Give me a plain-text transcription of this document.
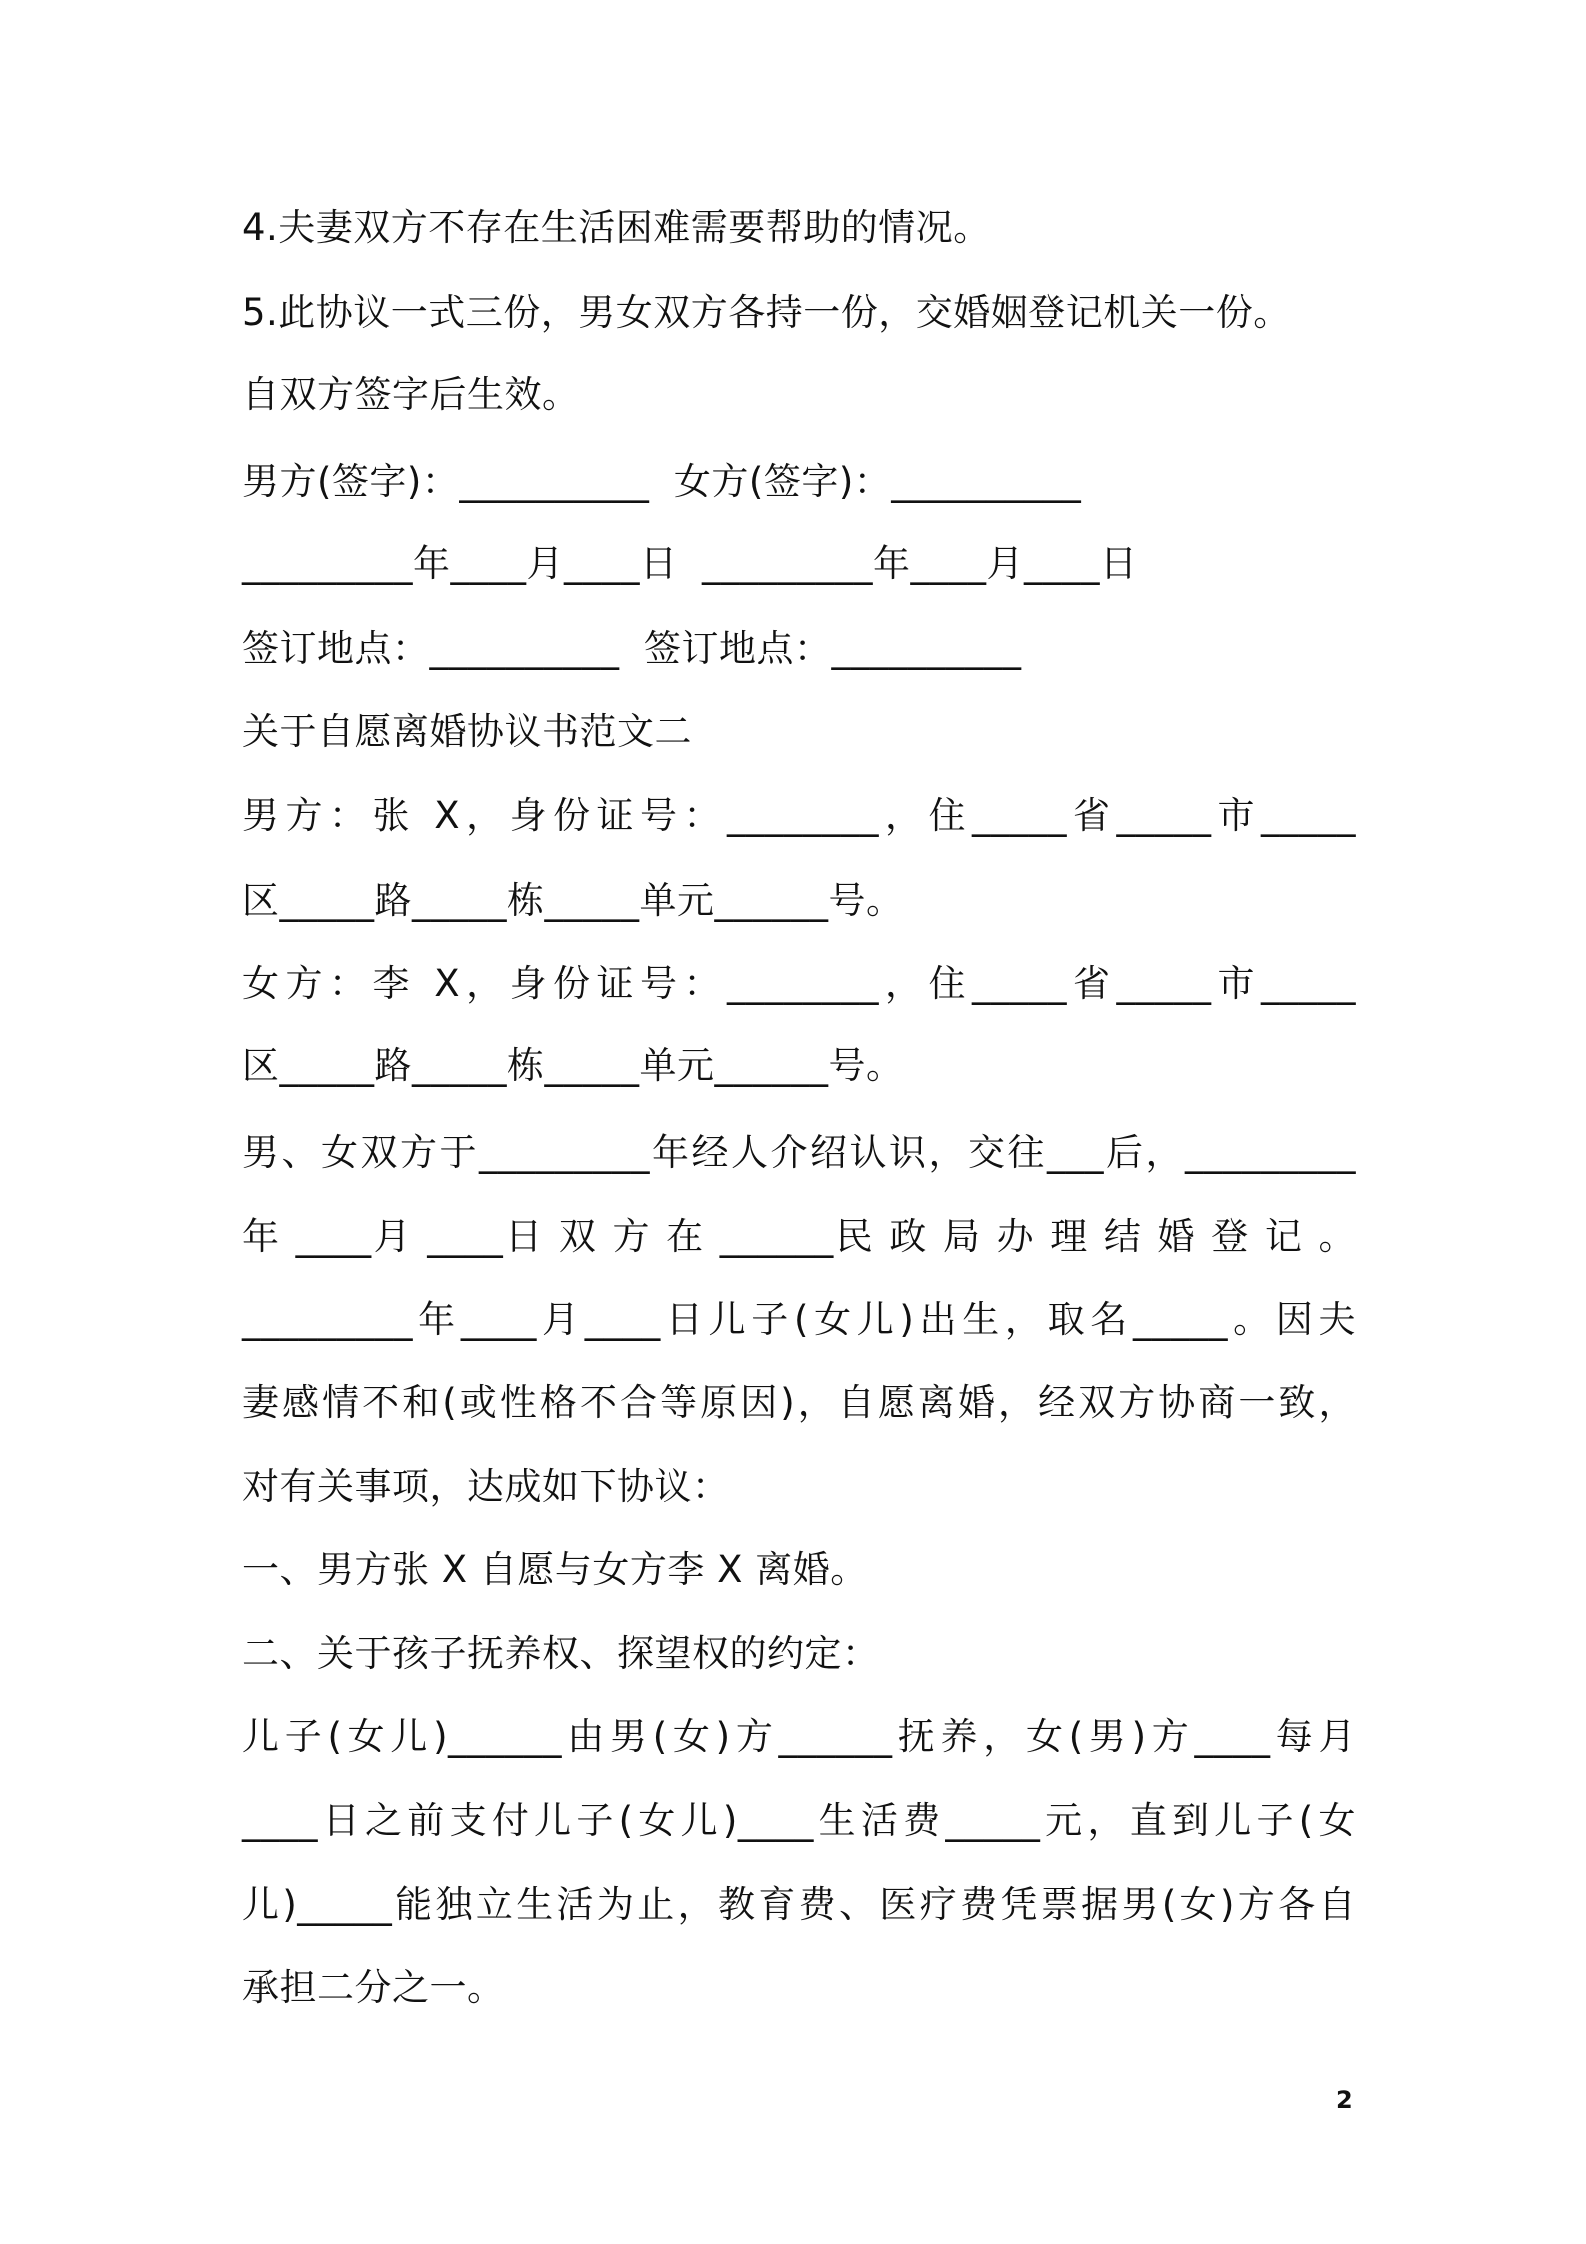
4.夫妻双方不存在生活困难需要帮助的情况。
5.此协议一式三份，男女双方各持一份，交婚姻登记机关一份。
自双方签字后生效。
男方(签字)：__________  女方(签字)：__________
_________年____月____日  _________年____月____日
签订地点：__________  签订地点：__________
关于自愿离婚协议书范文二
男方：张 X，身份证号：________，住_____省_____市_____
区_____路_____栋_____单元______号。
女方：李 X，身份证号：________，住_____省_____市_____
区_____路_____栋_____单元______号。
男、女双方于_________年经人介绍认识，交往___后，_________
年 ____月 ____日 双 方 在 ______民 政 局 办 理 结 婚 登 记 。
_________年____月____日儿子(女儿)出生，取名_____。因夫
妻感情不和(或性格不合等原因)，自愿离婚，经双方协商一致，
对有关事项，达成如下协议：
一、男方张 X 自愿与女方李 X 离婚。
二、关于孩子抚养权、探望权的约定：
儿子(女儿)______由男(女)方______抚养，女(男)方____每月
____日之前支付儿子(女儿)____生活费_____元，直到儿子(女
儿)_____能独立生活为止，教育费、医疗费凭票据男(女)方各自
承担二分之一。
2
